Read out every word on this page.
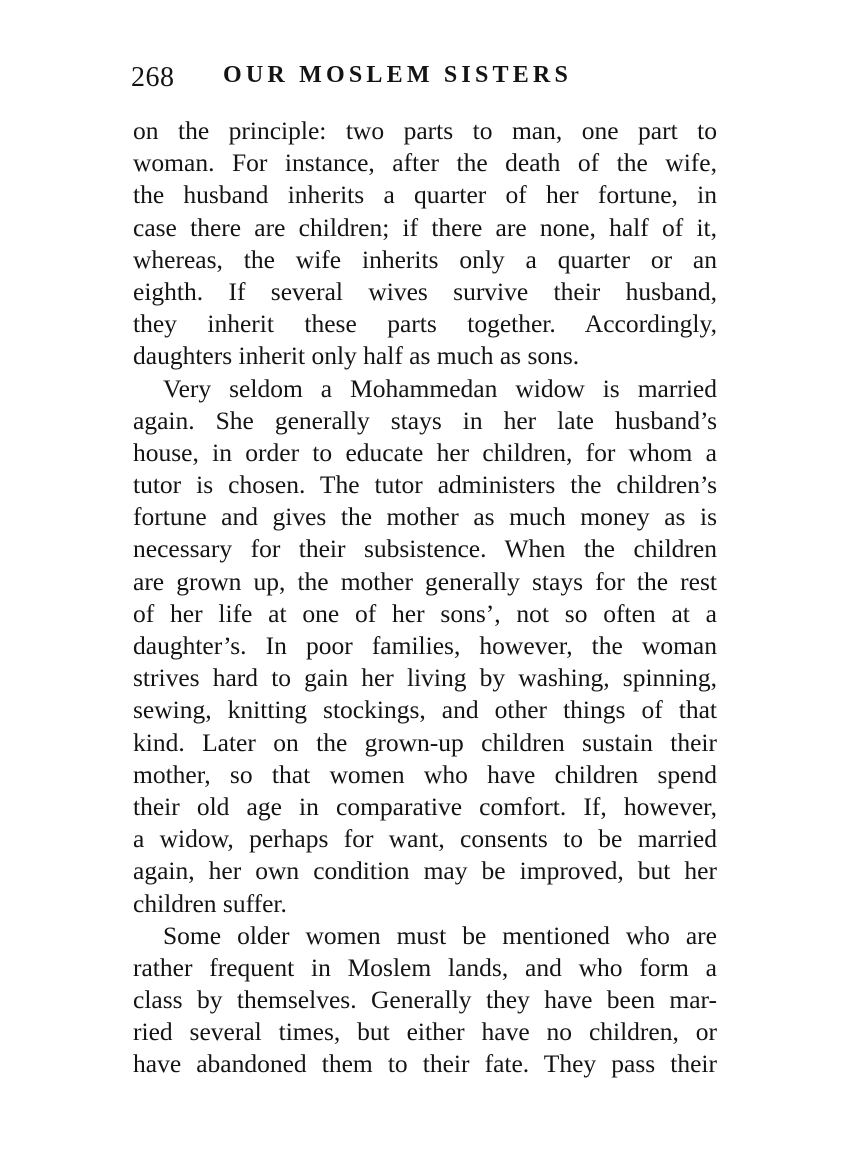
268 OUR MOSLEM SISTERS
on the principle: two parts to man, one part to
woman. For instance, after the death of the wife,
the husband inherits a quarter of her fortune, in
case there are children; if there are none, half of it,
whereas, the wife inherits only a quarter or an
eighth. If several wives survive their husband,
they inherit these parts together. Accordingly,
daughters inherit only half as much as sons.
Very seldom a Mohammedan widow is married
again. She generally stays in her late husband’s
house, in order to educate her children, for whom a
tutor is chosen. The tutor administers the children’s
fortune and gives the mother as much money as is
necessary for their subsistence. When the children
are grown up, the mother generally stays for the rest
of her life at one of her sons’, not so often at a
daughter’s. In poor families, however, the woman
strives hard to gain her living by washing, spinning,
sewing, knitting stockings, and other things of that
kind. Later on the grown-up children sustain their
mother, so that women who have children spend
their old age in comparative comfort. If, however,
a widow, perhaps for want, consents to be married
again, her own condition may be improved, but her
children suffer.
Some older women must be mentioned who are
rather frequent in Moslem lands, and who form a
class by themselves. Generally they have been mar-
ried several times, but either have no children, or
have abandoned them to their fate. They pass their
